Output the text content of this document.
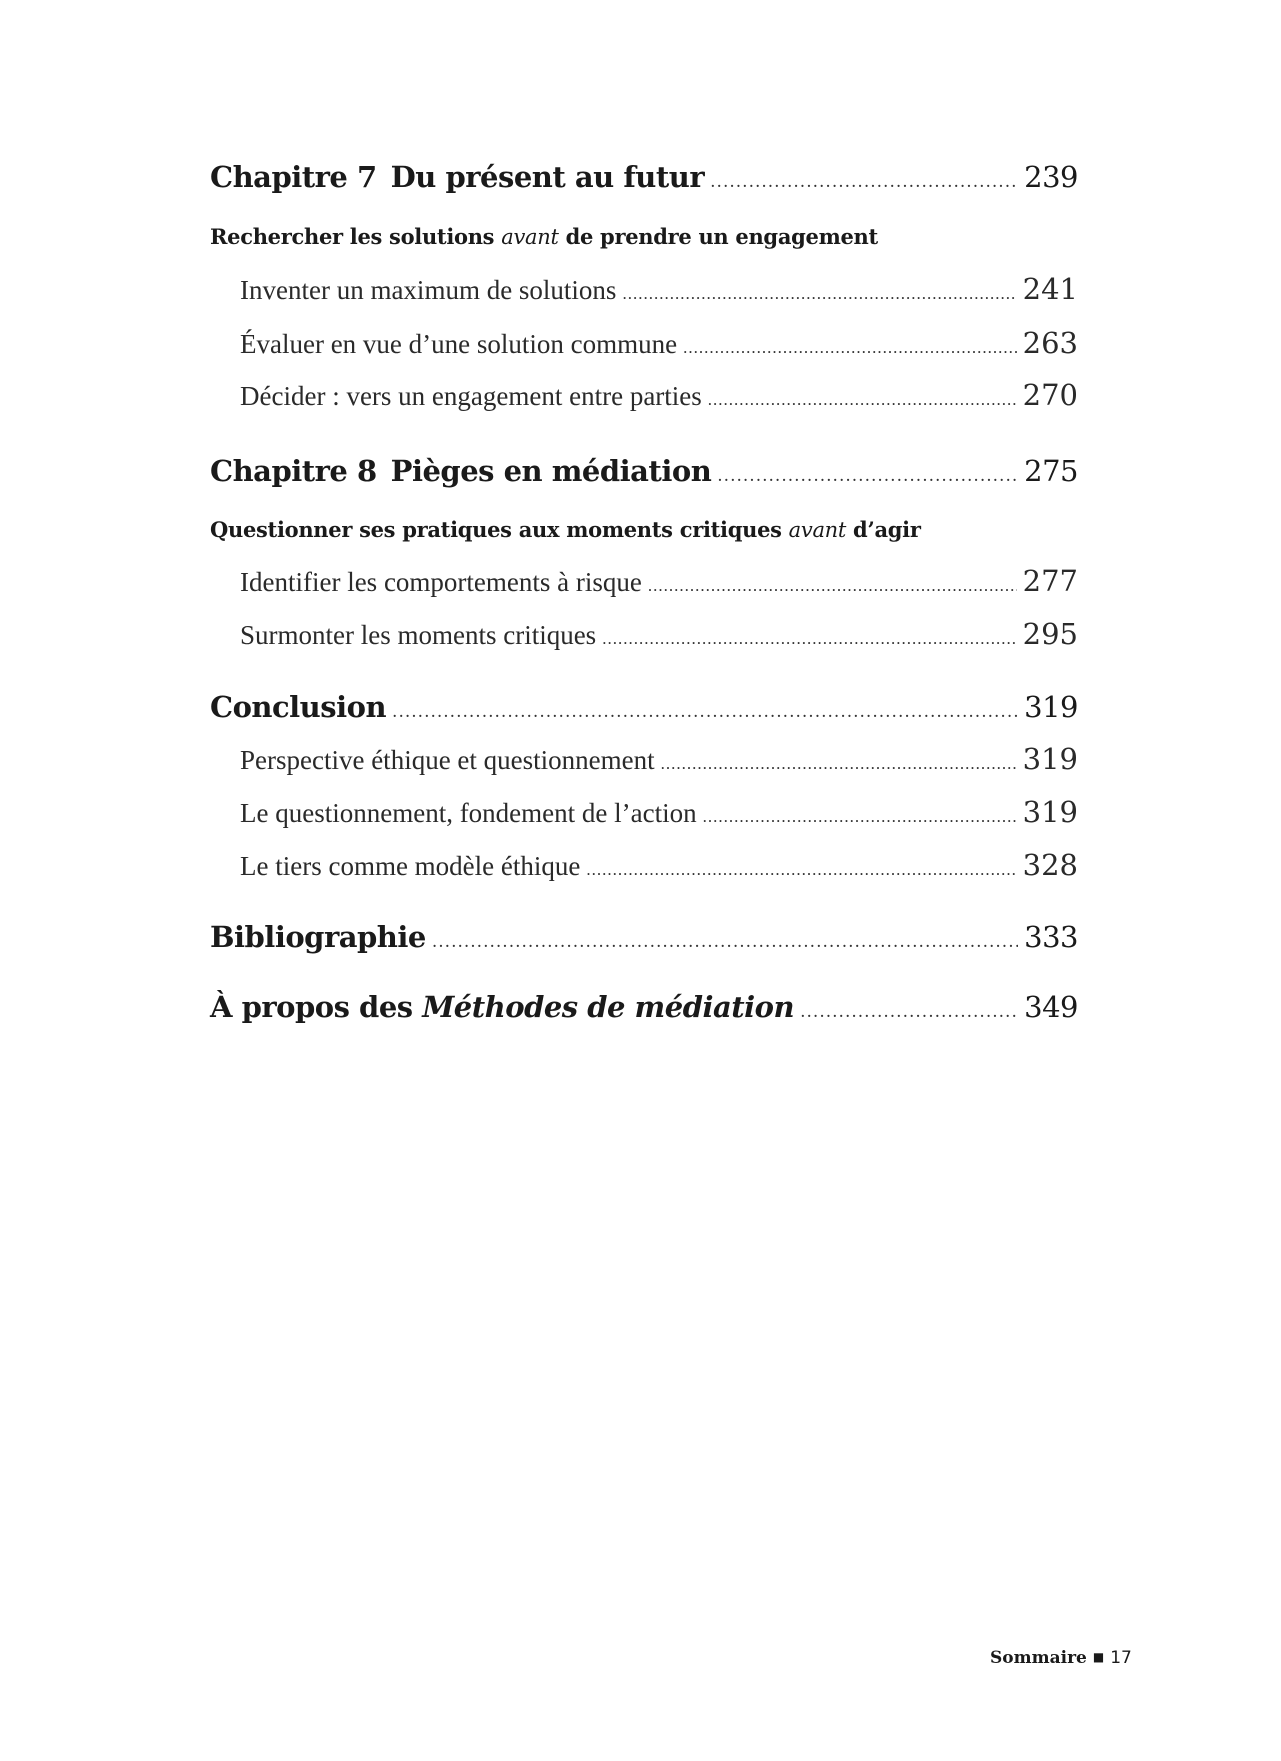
Chapitre 7 Du présent au futur .....	239
Rechercher les solutions avant de prendre un engagement
Inventer un maximum de solutions .....	241
Évaluer en vue d’une solution commune .....	263
Décider : vers un engagement entre parties .....	270
Chapitre 8 Pièges en médiation .....	275
Questionner ses pratiques aux moments critiques avant d’agir
Identifier les comportements à risque .....	277
Surmonter les moments critiques .....	295
Conclusion .....	319
Perspective éthique et questionnement .....	319
Le questionnement, fondement de l’action .....	319
Le tiers comme modèle éthique .....	328
Bibliographie .....	333
À propos des Méthodes de médiation .....	349
Sommaire ■ 17
